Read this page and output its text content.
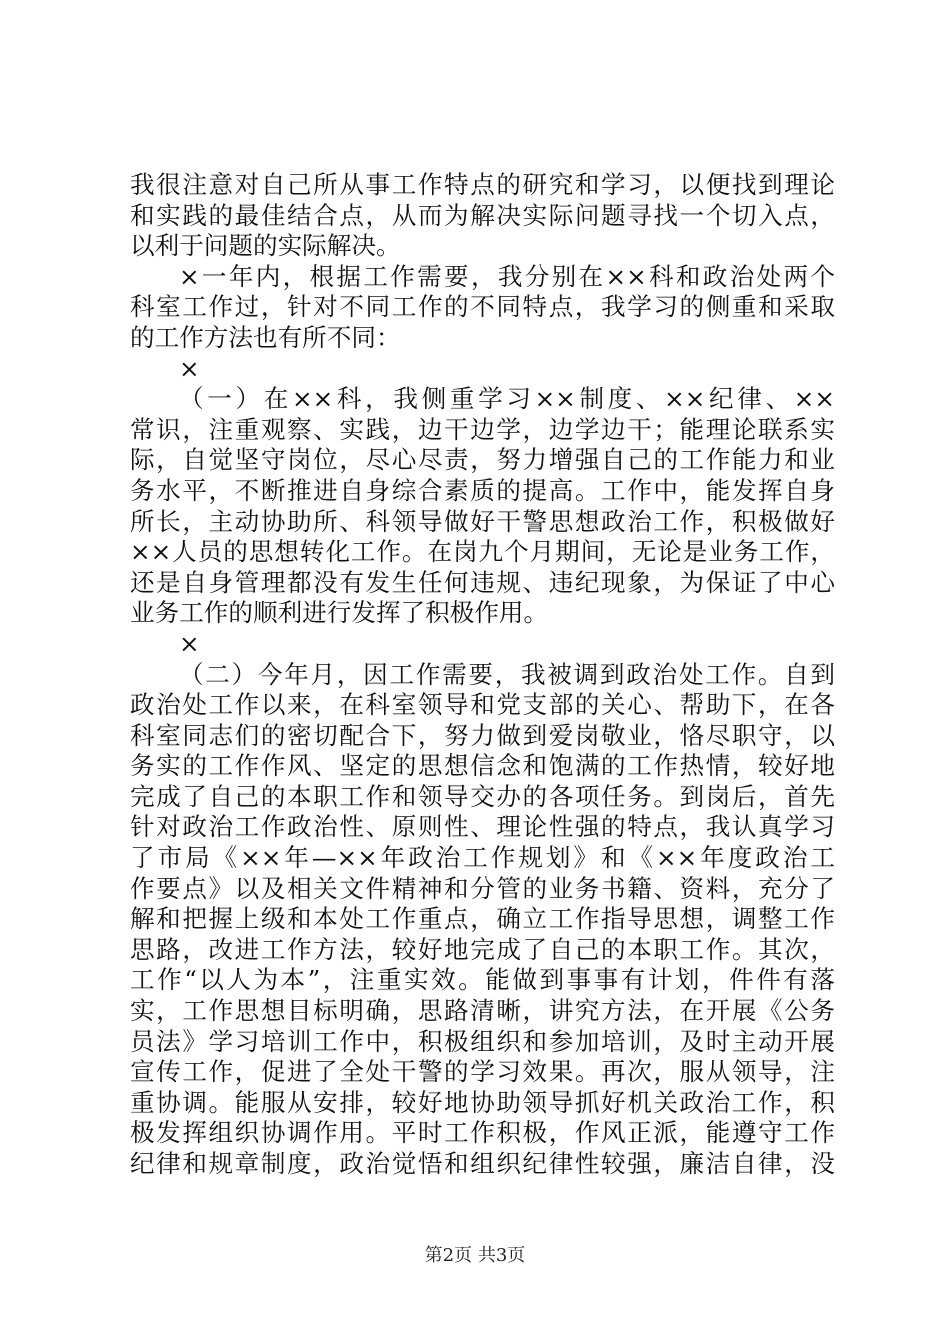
我很注意对自己所从事工作特点的研究和学习，以便找到理论
和实践的最佳结合点，从而为解决实际问题寻找一个切入点，
以利于问题的实际解决。
×一年内，根据工作需要，我分别在××科和政治处两个
科室工作过，针对不同工作的不同特点，我学习的侧重和采取
的工作方法也有所不同：
×
（一）在××科，我侧重学习××制度、××纪律、××
常识，注重观察、实践，边干边学，边学边干；能理论联系实
际，自觉坚守岗位，尽心尽责，努力增强自己的工作能力和业
务水平，不断推进自身综合素质的提高。工作中，能发挥自身
所长，主动协助所、科领导做好干警思想政治工作，积极做好
××人员的思想转化工作。在岗九个月期间，无论是业务工作，
还是自身管理都没有发生任何违规、违纪现象，为保证了中心
业务工作的顺利进行发挥了积极作用。
×
（二）今年月，因工作需要，我被调到政治处工作。自到
政治处工作以来，在科室领导和党支部的关心、帮助下，在各
科室同志们的密切配合下，努力做到爱岗敬业，恪尽职守，以
务实的工作作风、坚定的思想信念和饱满的工作热情，较好地
完成了自己的本职工作和领导交办的各项任务。到岗后，首先
针对政治工作政治性、原则性、理论性强的特点，我认真学习
了市局《××年—××年政治工作规划》和《××年度政治工
作要点》以及相关文件精神和分管的业务书籍、资料，充分了
解和把握上级和本处工作重点，确立工作指导思想，调整工作
思路，改进工作方法，较好地完成了自己的本职工作。其次，
工作“以人为本”，注重实效。能做到事事有计划，件件有落
实，工作思想目标明确，思路清晰，讲究方法，在开展《公务
员法》学习培训工作中，积极组织和参加培训，及时主动开展
宣传工作，促进了全处干警的学习效果。再次，服从领导，注
重协调。能服从安排，较好地协助领导抓好机关政治工作，积
极发挥组织协调作用。平时工作积极，作风正派，能遵守工作
纪律和规章制度，政治觉悟和组织纪律性较强，廉洁自律，没
第2页 共3页
